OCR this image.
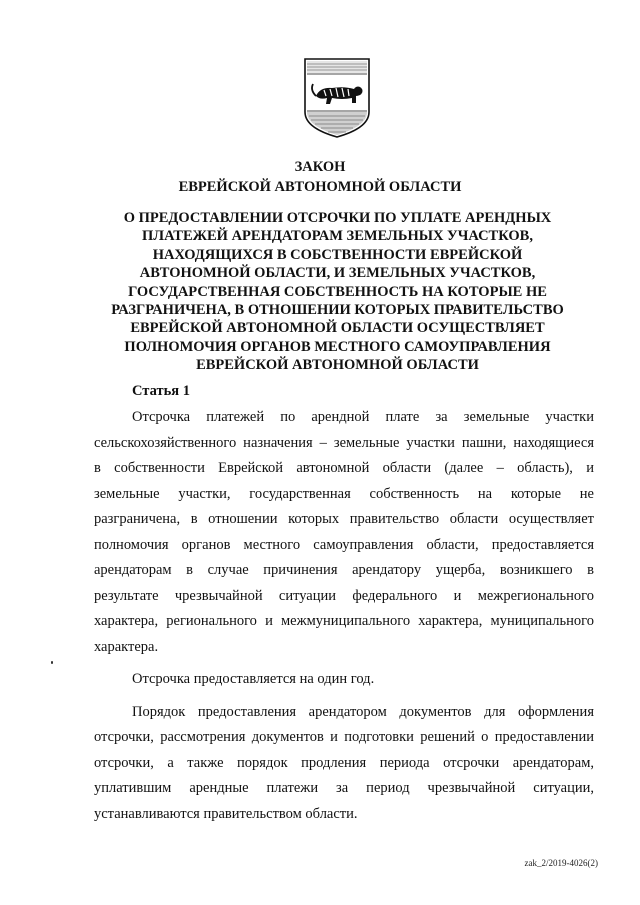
ЗАКОН
ЕВРЕЙСКОЙ АВТОНОМНОЙ ОБЛАСТИ
О ПРЕДОСТАВЛЕНИИ ОТСРОЧКИ ПО УПЛАТЕ АРЕНДНЫХ
ПЛАТЕЖЕЙ АРЕНДАТОРАМ ЗЕМЕЛЬНЫХ УЧАСТКОВ,
НАХОДЯЩИХСЯ В СОБСТВЕННОСТИ ЕВРЕЙСКОЙ
АВТОНОМНОЙ ОБЛАСТИ, И ЗЕМЕЛЬНЫХ УЧАСТКОВ,
ГОСУДАРСТВЕННАЯ СОБСТВЕННОСТЬ НА КОТОРЫЕ НЕ
РАЗГРАНИЧЕНА, В ОТНОШЕНИИ КОТОРЫХ ПРАВИТЕЛЬСТВО
ЕВРЕЙСКОЙ АВТОНОМНОЙ ОБЛАСТИ ОСУЩЕСТВЛЯЕТ
ПОЛНОМОЧИЯ ОРГАНОВ МЕСТНОГО САМОУПРАВЛЕНИЯ
ЕВРЕЙСКОЙ АВТОНОМНОЙ ОБЛАСТИ
Статья 1
Отсрочка платежей по арендной плате за земельные участки
сельскохозяйственного назначения – земельные участки пашни, находящиеся
в собственности Еврейской автономной области (далее – область), и
земельные участки, государственная собственность на которые не
разграничена, в отношении которых правительство области осуществляет
полномочия органов местного самоуправления области, предоставляется
арендаторам в случае причинения арендатору ущерба, возникшего в
результате чрезвычайной ситуации федерального и межрегионального
характера, регионального и межмуниципального характера, муниципального
характера.
Отсрочка предоставляется на один год.
Порядок предоставления арендатором документов для оформления
отсрочки, рассмотрения документов и подготовки решений о предоставлении
отсрочки, а также порядок продления периода отсрочки арендаторам,
уплатившим арендные платежи за период чрезвычайной ситуации,
устанавливаются правительством области.
zak_2/2019-4026(2)
